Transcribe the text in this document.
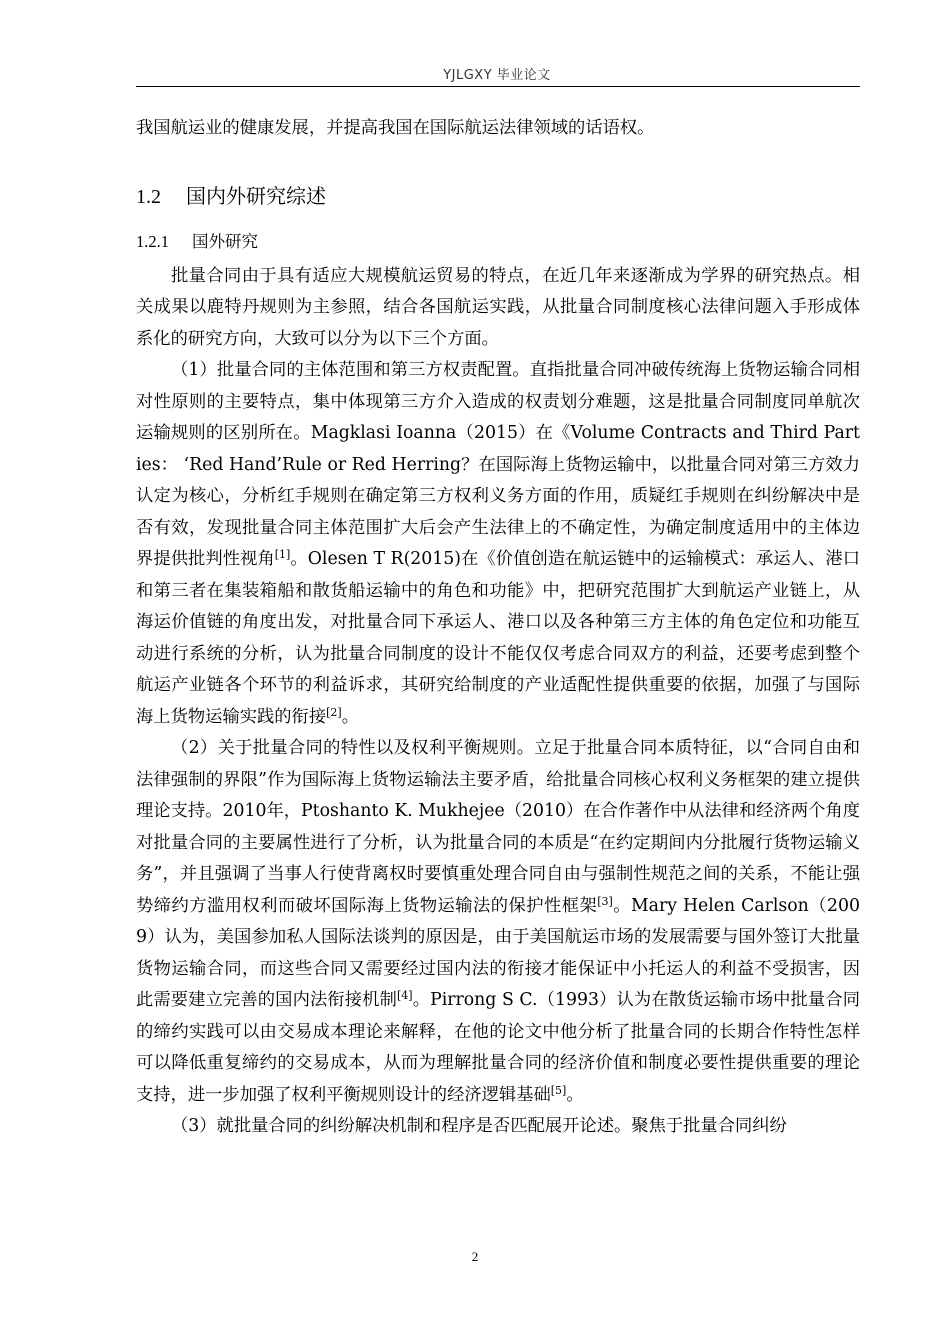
YJLGXY 毕业论文

我国航运业的健康发展，并提高我国在国际航运法律领域的话语权。

1.2 国内外研究综述
1.2.1 国外研究

批量合同由于具有适应大规模航运贸易的特点，在近几年来逐渐成为学界的研究热点。相关成果以鹿特丹规则为主参照，结合各国航运实践，从批量合同制度核心法律问题入手形成体系化的研究方向，大致可以分为以下三个方面。

（1）批量合同的主体范围和第三方权责配置。直指批量合同冲破传统海上货物运输合同相对性原则的主要特点，集中体现第三方介入造成的权责划分难题，这是批量合同制度同单航次运输规则的区别所在。Magklasi Ioanna（2015）在《Volume Contracts and Third Parties： ‘Red Hand’Rule or Red Herring？在国际海上货物运输中，以批量合同对第三方效力认定为核心，分析红手规则在确定第三方权利义务方面的作用，质疑红手规则在纠纷解决中是否有效，发现批量合同主体范围扩大后会产生法律上的不确定性，为确定制度适用中的主体边界提供批判性视角[1]。Olesen T R(2015)在《价值创造在航运链中的运输模式：承运人、港口和第三者在集装箱船和散货船运输中的角色和功能》中，把研究范围扩大到航运产业链上，从海运价值链的角度出发，对批量合同下承运人、港口以及各种第三方主体的角色定位和功能互动进行系统的分析，认为批量合同制度的设计不能仅仅考虑合同双方的利益，还要考虑到整个航运产业链各个环节的利益诉求，其研究给制度的产业适配性提供重要的依据，加强了与国际海上货物运输实践的衔接[2]。

（2）关于批量合同的特性以及权利平衡规则。立足于批量合同本质特征，以“合同自由和法律强制的界限”作为国际海上货物运输法主要矛盾，给批量合同核心权利义务框架的建立提供理论支持。2010年，Ptoshanto K. Mukhejee（2010）在合作著作中从法律和经济两个角度对批量合同的主要属性进行了分析，认为批量合同的本质是“在约定期间内分批履行货物运输义务”，并且强调了当事人行使背离权时要慎重处理合同自由与强制性规范之间的关系，不能让强势缔约方滥用权利而破坏国际海上货物运输法的保护性框架[3]。Mary Helen Carlson（2009）认为，美国参加私人国际法谈判的原因是，由于美国航运市场的发展需要与国外签订大批量货物运输合同，而这些合同又需要经过国内法的衔接才能保证中小托运人的利益不受损害，因此需要建立完善的国内法衔接机制[4]。Pirrong S C.（1993）认为在散货运输市场中批量合同的缔约实践可以由交易成本理论来解释，在他的论文中他分析了批量合同的长期合作特性怎样可以降低重复缔约的交易成本，从而为理解批量合同的经济价值和制度必要性提供重要的理论支持，进一步加强了权利平衡规则设计的经济逻辑基础[5]。

（3）就批量合同的纠纷解决机制和程序是否匹配展开论述。聚焦于批量合同纠纷

2
